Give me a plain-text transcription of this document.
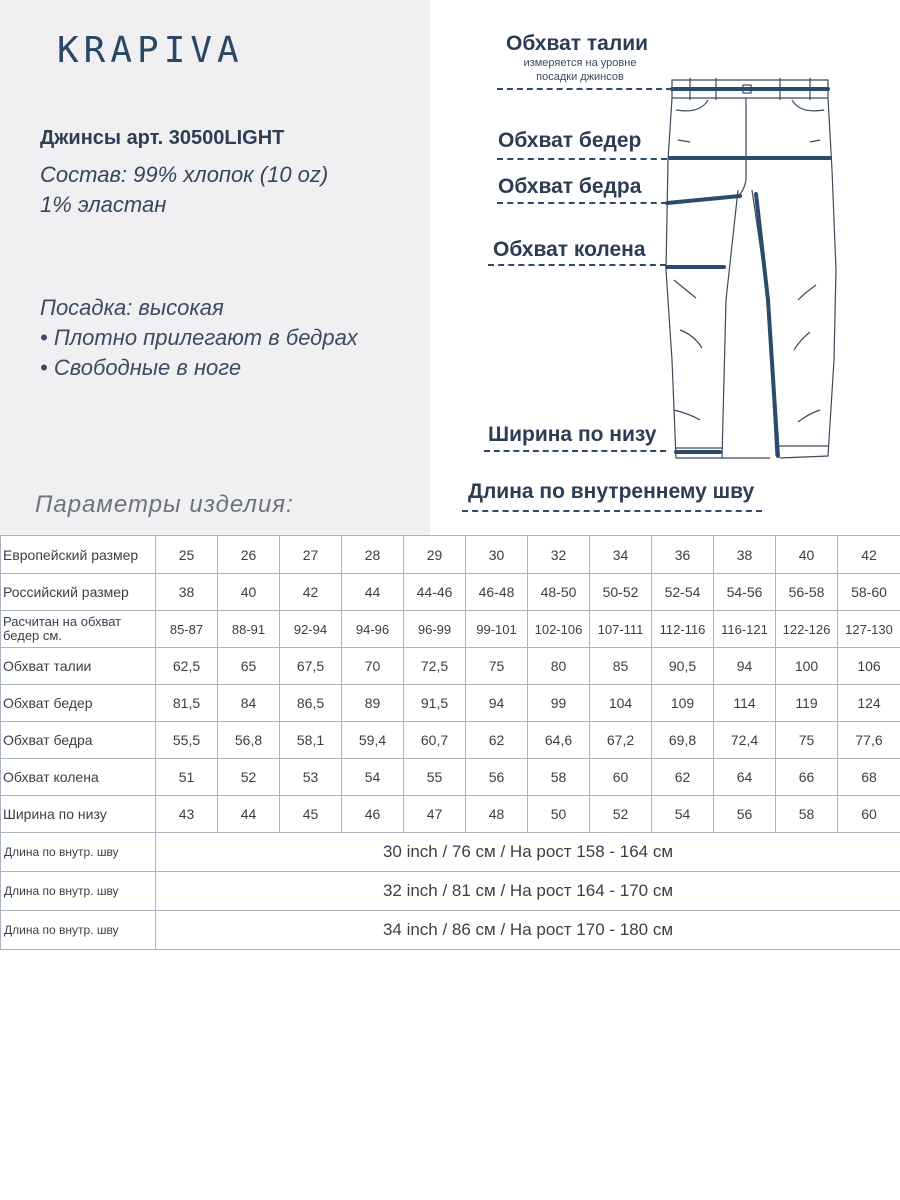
KRAPIVA
Джинсы арт. 30500LIGHT
Состав: 99% хлопок (10 oz)
1% эластан
Посадка: высокая
• Плотно прилегают в бедрах
• Свободные в ноге
Параметры изделия:
Обхват талии
измеряется на уровне
посадки джинсов
Обхват бедер
Обхват бедра
Обхват колена
Ширина по низу
Длина по внутреннему шву
Европейский размер	25	26	27	28	29	30	32	34	36	38	40	42
Российский размер	38	40	42	44	44-46	46-48	48-50	50-52	52-54	54-56	56-58	58-60
Расчитан на обхват бедер см.	85-87	88-91	92-94	94-96	96-99	99-101	102-106	107-111	112-116	116-121	122-126	127-130
Обхват талии	62,5	65	67,5	70	72,5	75	80	85	90,5	94	100	106
Обхват бедер	81,5	84	86,5	89	91,5	94	99	104	109	114	119	124
Обхват бедра	55,5	56,8	58,1	59,4	60,7	62	64,6	67,2	69,8	72,4	75	77,6
Обхват колена	51	52	53	54	55	56	58	60	62	64	66	68
Ширина по низу	43	44	45	46	47	48	50	52	54	56	58	60
Длина по внутр. шву	30 inch / 76 см / На рост 158 - 164 см											
Длина по внутр. шву	32 inch / 81 см / На рост 164 - 170 см											
Длина по внутр. шву	34 inch / 86 см / На рост 170 - 180 см											
